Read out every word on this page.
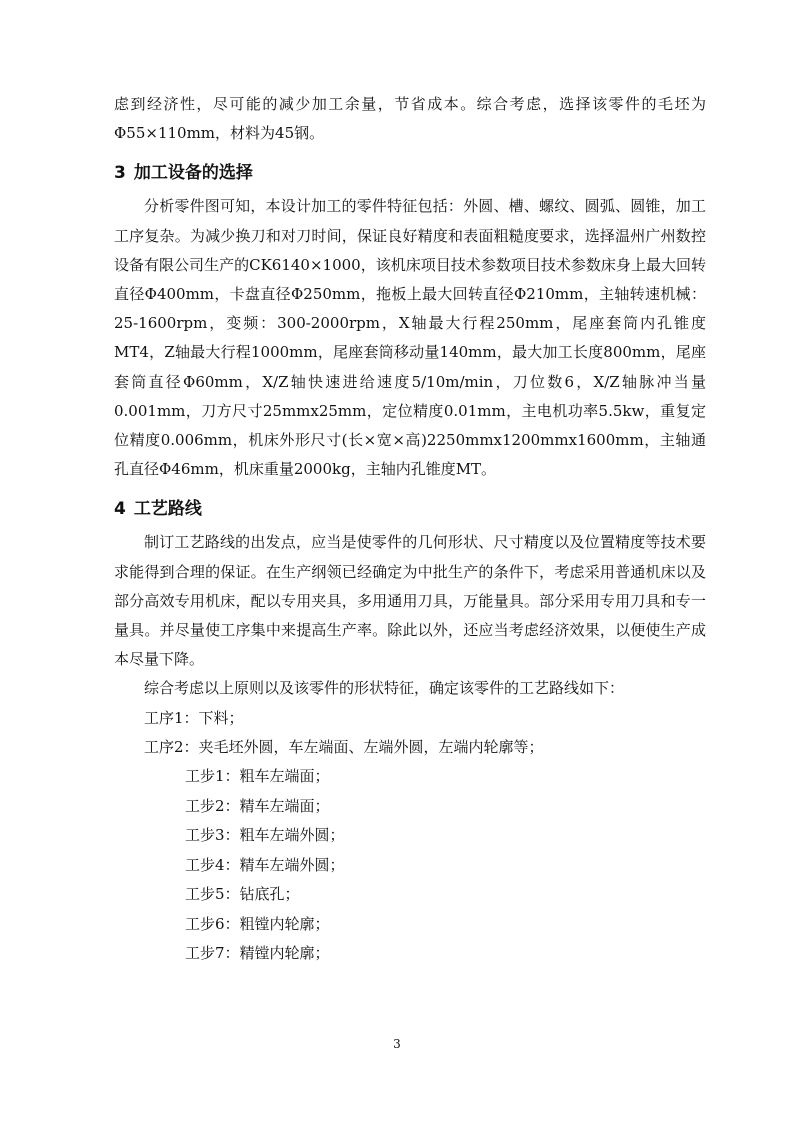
虑到经济性，尽可能的减少加工余量，节省成本。综合考虑，选择该零件的毛坯为Φ55×110mm，材料为45钢。

3 加工设备的选择

分析零件图可知，本设计加工的零件特征包括：外圆、槽、螺纹、圆弧、圆锥，加工工序复杂。为减少换刀和对刀时间，保证良好精度和表面粗糙度要求，选择温州广州数控设备有限公司生产的CK6140×1000，该机床项目技术参数项目技术参数床身上最大回转直径Φ400mm，卡盘直径Φ250mm，拖板上最大回转直径Φ210mm，主轴转速机械：25-1600rpm，变频：300-2000rpm，X轴最大行程250mm，尾座套筒内孔锥度MT4，Z轴最大行程1000mm，尾座套筒移动量140mm，最大加工长度800mm，尾座套筒直径Φ60mm，X/Z轴快速进给速度5/10m/min，刀位数6，X/Z轴脉冲当量0.001mm，刀方尺寸25mmx25mm，定位精度0.01mm，主电机功率5.5kw，重复定位精度0.006mm，机床外形尺寸(长×宽×高)2250mmx1200mmx1600mm，主轴通孔直径Φ46mm，机床重量2000kg，主轴内孔锥度MT。

4 工艺路线

制订工艺路线的出发点，应当是使零件的几何形状、尺寸精度以及位置精度等技术要求能得到合理的保证。在生产纲领已经确定为中批生产的条件下，考虑采用普通机床以及部分高效专用机床，配以专用夹具，多用通用刀具，万能量具。部分采用专用刀具和专一量具。并尽量使工序集中来提高生产率。除此以外，还应当考虑经济效果，以便使生产成本尽量下降。

综合考虑以上原则以及该零件的形状特征，确定该零件的工艺路线如下：

工序1：下料；
工序2：夹毛坯外圆，车左端面、左端外圆，左端内轮廓等；
工步1：粗车左端面；
工步2：精车左端面；
工步3：粗车左端外圆；
工步4：精车左端外圆；
工步5：钻底孔；
工步6：粗镗内轮廓；
工步7：精镗内轮廓；
3
